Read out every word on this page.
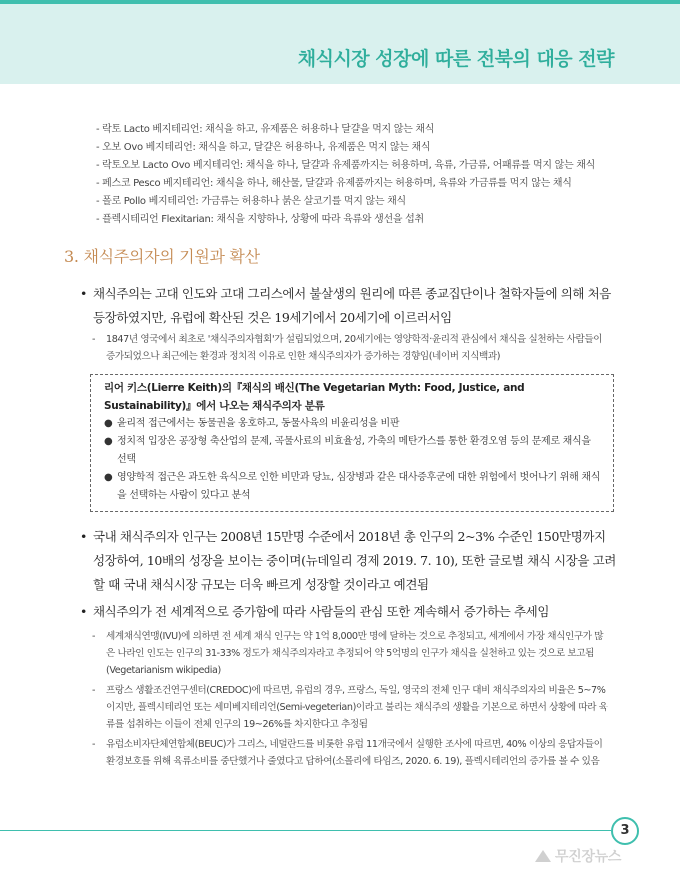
채식시장 성장에 따른 전북의 대응 전략
- 락토 Lacto 베지테리언: 채식을 하고, 유제품은 허용하나 달걀을 먹지 않는 채식
- 오보 Ovo 베지테리언: 채식을 하고, 달걀은 허용하나, 유제품은 먹지 않는 채식
- 락토오보 Lacto Ovo 베지테리언: 채식을 하나, 달걀과 유제품까지는 허용하며, 육류, 가금류, 어패류를 먹지 않는 채식
- 페스코 Pesco 베지테리언: 채식을 하나, 해산물, 달걀과 유제품까지는 허용하며, 육류와 가금류를 먹지 않는 채식
- 폴로 Pollo 베지테리언: 가금류는 허용하나 붉은 살코기를 먹지 않는 채식
- 플렉시테리언 Flexitarian: 채식을 지향하나, 상황에 따라 육류와 생선을 섭취
3. 채식주의자의 기원과 확산
• 채식주의는 고대 인도와 고대 그리스에서 불살생의 원리에 따른 종교집단이나 철학자들에 의해 처음 등장하였지만, 유럽에 확산된 것은 19세기에서 20세기에 이르러서임
-	1847년 영국에서 최초로 '채식주의자협회'가 설립되었으며, 20세기에는 영양학적·윤리적 관심에서 채식을 실천하는 사람들이 증가되었으나 최근에는 환경과 정치적 이유로 인한 채식주의자가 증가하는 경향임(네이버 지식백과)
리어 키스(Lierre Keith)의『채식의 배신(The Vegetarian Myth: Food, Justice, and Sustainability)』에서 나오는 채식주의자 분류
● 윤리적 접근에서는 동물권을 옹호하고, 동물사육의 비윤리성을 비판
● 정치적 입장은 공장형 축산업의 문제, 곡물사료의 비효율성, 가축의 메탄가스를 통한 환경오염 등의 문제로 채식을 선택
● 영양학적 접근은 과도한 육식으로 인한 비만과 당뇨, 심장병과 같은 대사증후군에 대한 위험에서 벗어나기 위해 채식을 선택하는 사람이 있다고 분석
• 국내 채식주의자 인구는 2008년 15만명 수준에서 2018년 총 인구의 2~3% 수준인 150만명까지 성장하여, 10배의 성장을 보이는 중이며(뉴데일리 경제 2019. 7. 10), 또한 글로벌 채식 시장을 고려할 때 국내 채식시장 규모는 더욱 빠르게 성장할 것이라고 예견됨
• 채식주의가 전 세계적으로 증가함에 따라 사람들의 관심 또한 계속해서 증가하는 추세임
-	세계채식연맹(IVU)에 의하면 전 세계 채식 인구는 약 1억 8,000만 명에 달하는 것으로 추정되고, 세계에서 가장 채식인구가 많은 나라인 인도는 인구의 31-33% 정도가 채식주의자라고 추정되어 약 5억명의 인구가 채식을 실천하고 있는 것으로 보고됨(Vegetarianism wikipedia)
-	프랑스 생활조건연구센터(CREDOC)에 따르면, 유럽의 경우, 프랑스, 독일, 영국의 전체 인구 대비 채식주의자의 비율은 5~7%이지만, 플렉시테리언 또는 세미베지테리언(Semi-vegeterian)이라고 불리는 채식주의 생활을 기본으로 하면서 상황에 따라 육류를 섭취하는 이들이 전체 인구의 19~26%를 차지한다고 추정됨
-	유럽소비자단체연합체(BEUC)가 그리스, 네덜란드를 비롯한 유럽 11개국에서 실행한 조사에 따르면, 40% 이상의 응답자들이 환경보호를 위해 육류소비를 중단했거나 줄였다고 답하여(소몰리에 타임즈, 2020. 6. 19), 플렉시테리언의 증가를 볼 수 있음
3
무진장뉴스
